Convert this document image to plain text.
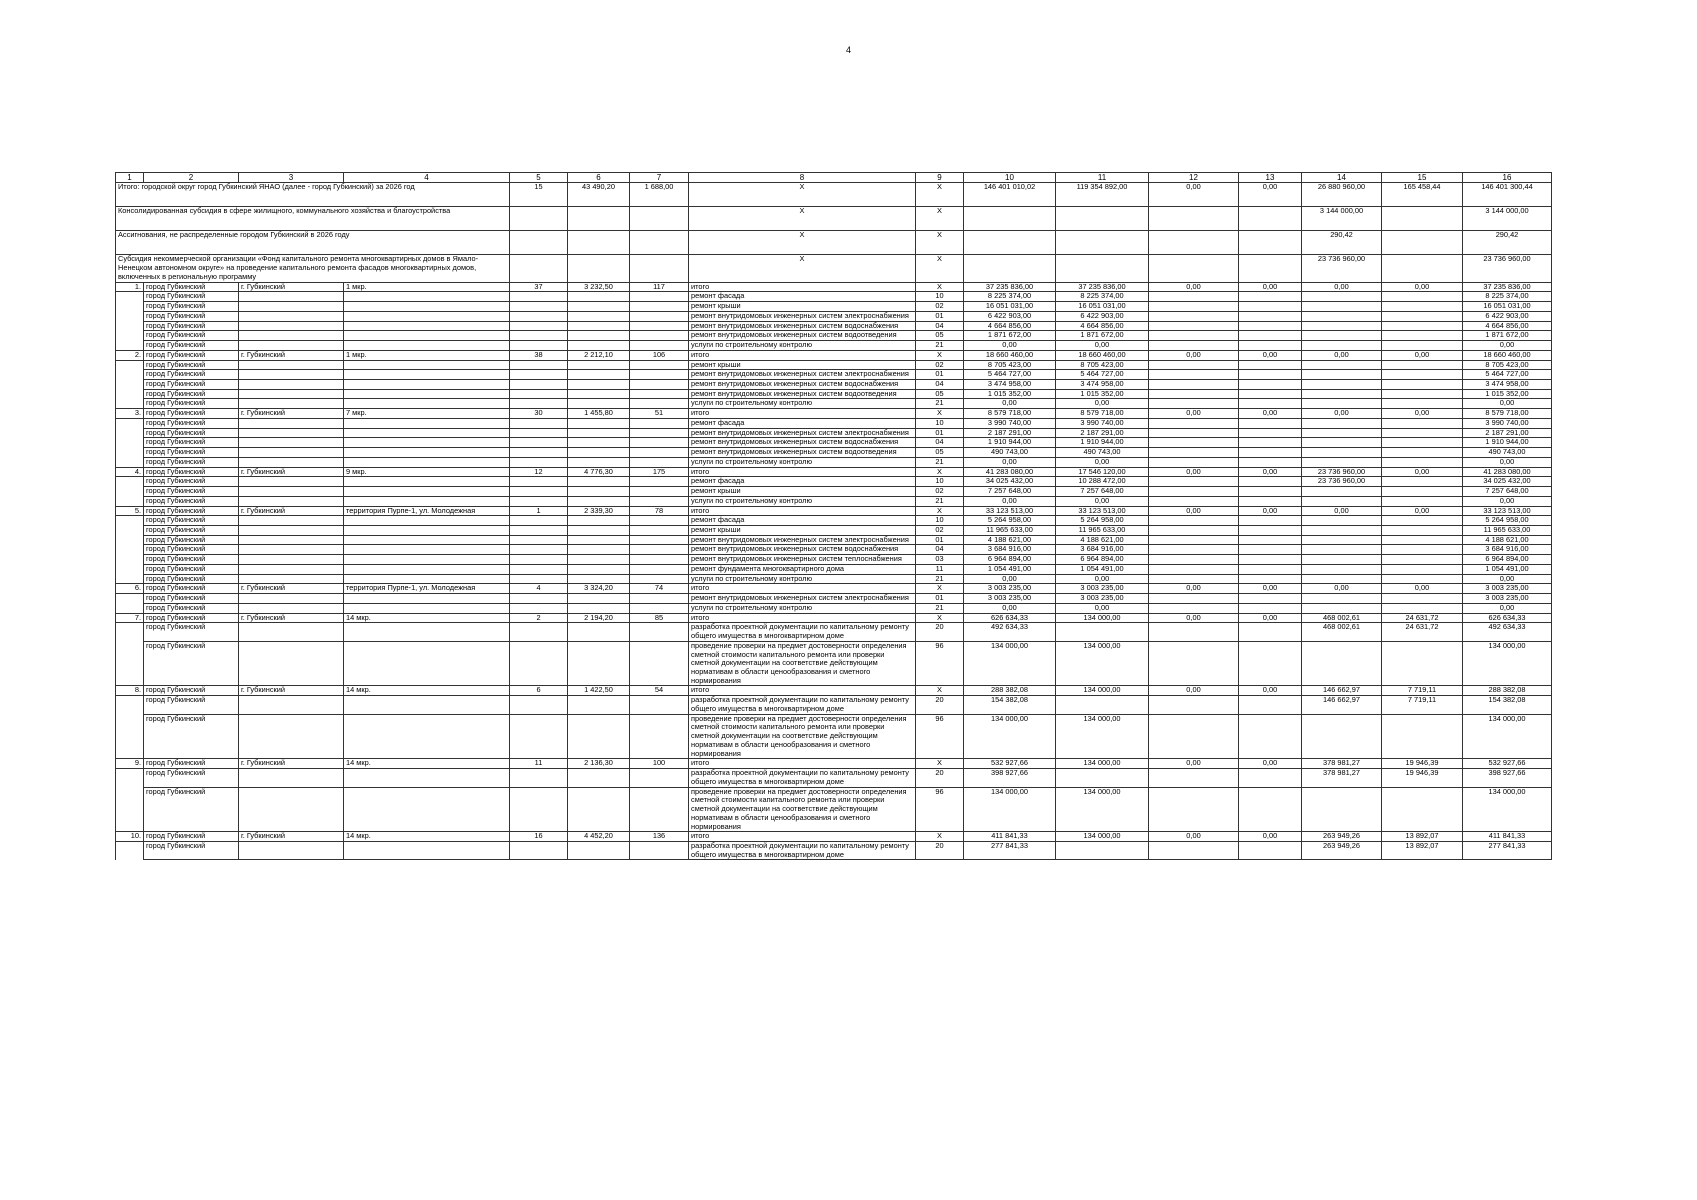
4
1	2	3	4	5	6	7	8	9	10	11	12	13	14	15	16
Итого: городской округ город Губкинский ЯНАО (далее - город Губкинский) за 2026 год				15	43 490,20	1 688,00	X	X	146 401 010,02	119 354 892,00	0,00	0,00	26 880 960,00	165 458,44	146 401 300,44
Консолидированная субсидия в сфере жилищного, коммунального хозяйства и благоустройства							X	X					3 144 000,00		3 144 000,00
Ассигнования, не распределенные городом Губкинский в 2026 году							X	X					290,42		290,42
Субсидия некоммерческой организации «Фонд капитального ремонта многоквартирных домов в Ямало-Ненецком автономном округе» на проведение капитального ремонта фасадов многоквартирных домов, включенных в региональную программу							X	X					23 736 960,00		23 736 960,00
1.	город Губкинский	г. Губкинский	1 мкр.	37	3 232,50	117	итого	X	37 235 836,00	37 235 836,00	0,00	0,00	0,00	0,00	37 235 836,00
	город Губкинский						ремонт фасада	10	8 225 374,00	8 225 374,00					8 225 374,00
	город Губкинский						ремонт крыши	02	16 051 031,00	16 051 031,00					16 051 031,00
	город Губкинский						ремонт внутридомовых инженерных систем электроснабжения	01	6 422 903,00	6 422 903,00					6 422 903,00
	город Губкинский						ремонт внутридомовых инженерных систем водоснабжения	04	4 664 856,00	4 664 856,00					4 664 856,00
	город Губкинский						ремонт внутридомовых инженерных систем водоотведения	05	1 871 672,00	1 871 672,00					1 871 672,00
	город Губкинский						услуги по строительному контролю	21	0,00	0,00					0,00
2.	город Губкинский	г. Губкинский	1 мкр.	38	2 212,10	106	итого	X	18 660 460,00	18 660 460,00	0,00	0,00	0,00	0,00	18 660 460,00
	город Губкинский						ремонт крыши	02	8 705 423,00	8 705 423,00					8 705 423,00
	город Губкинский						ремонт внутридомовых инженерных систем электроснабжения	01	5 464 727,00	5 464 727,00					5 464 727,00
	город Губкинский						ремонт внутридомовых инженерных систем водоснабжения	04	3 474 958,00	3 474 958,00					3 474 958,00
	город Губкинский						ремонт внутридомовых инженерных систем водоотведения	05	1 015 352,00	1 015 352,00					1 015 352,00
	город Губкинский						услуги по строительному контролю	21	0,00	0,00					0,00
3.	город Губкинский	г. Губкинский	7 мкр.	30	1 455,80	51	итого	X	8 579 718,00	8 579 718,00	0,00	0,00	0,00	0,00	8 579 718,00
	город Губкинский						ремонт фасада	10	3 990 740,00	3 990 740,00					3 990 740,00
	город Губкинский						ремонт внутридомовых инженерных систем электроснабжения	01	2 187 291,00	2 187 291,00					2 187 291,00
	город Губкинский						ремонт внутридомовых инженерных систем водоснабжения	04	1 910 944,00	1 910 944,00					1 910 944,00
	город Губкинский						ремонт внутридомовых инженерных систем водоотведения	05	490 743,00	490 743,00					490 743,00
	город Губкинский						услуги по строительному контролю	21	0,00	0,00					0,00
4.	город Губкинский	г. Губкинский	9 мкр.	12	4 776,30	175	итого	X	41 283 080,00	17 546 120,00	0,00	0,00	23 736 960,00	0,00	41 283 080,00
	город Губкинский						ремонт фасада	10	34 025 432,00	10 288 472,00			23 736 960,00		34 025 432,00
	город Губкинский						ремонт крыши	02	7 257 648,00	7 257 648,00					7 257 648,00
	город Губкинский						услуги по строительному контролю	21	0,00	0,00					0,00
5.	город Губкинский	г. Губкинский	территория Пурпе-1, ул. Молодежная	1	2 339,30	78	итого	X	33 123 513,00	33 123 513,00	0,00	0,00	0,00	0,00	33 123 513,00
	город Губкинский						ремонт фасада	10	5 264 958,00	5 264 958,00					5 264 958,00
	город Губкинский						ремонт крыши	02	11 965 633,00	11 965 633,00					11 965 633,00
	город Губкинский						ремонт внутридомовых инженерных систем электроснабжения	01	4 188 621,00	4 188 621,00					4 188 621,00
	город Губкинский						ремонт внутридомовых инженерных систем водоснабжения	04	3 684 916,00	3 684 916,00					3 684 916,00
	город Губкинский						ремонт внутридомовых инженерных систем теплоснабжения	03	6 964 894,00	6 964 894,00					6 964 894,00
	город Губкинский						ремонт фундамента многоквартирного дома	11	1 054 491,00	1 054 491,00					1 054 491,00
	город Губкинский						услуги по строительному контролю	21	0,00	0,00					0,00
6.	город Губкинский	г. Губкинский	территория Пурпе-1, ул. Молодежная	4	3 324,20	74	итого	X	3 003 235,00	3 003 235,00	0,00	0,00	0,00	0,00	3 003 235,00
	город Губкинский						ремонт внутридомовых инженерных систем электроснабжения	01	3 003 235,00	3 003 235,00					3 003 235,00
	город Губкинский						услуги по строительному контролю	21	0,00	0,00					0,00
7.	город Губкинский	г. Губкинский	14 мкр.	2	2 194,20	85	итого	X	626 634,33	134 000,00	0,00	0,00	468 002,61	24 631,72	626 634,33
	город Губкинский						разработка проектной документации по капитальному ремонту общего имущества в многоквартирном доме	20	492 634,33				468 002,61	24 631,72	492 634,33
	город Губкинский						проведение проверки на предмет достоверности определения сметной стоимости капитального ремонта или проверки сметной документации на соответствие действующим нормативам в области ценообразования и сметного нормирования	96	134 000,00	134 000,00					134 000,00
8.	город Губкинский	г. Губкинский	14 мкр.	6	1 422,50	54	итого	X	288 382,08	134 000,00	0,00	0,00	146 662,97	7 719,11	288 382,08
	город Губкинский						разработка проектной документации по капитальному ремонту общего имущества в многоквартирном доме	20	154 382,08				146 662,97	7 719,11	154 382,08
	город Губкинский						проведение проверки на предмет достоверности определения сметной стоимости капитального ремонта или проверки сметной документации на соответствие действующим нормативам в области ценообразования и сметного нормирования	96	134 000,00	134 000,00					134 000,00
9.	город Губкинский	г. Губкинский	14 мкр.	11	2 136,30	100	итого	X	532 927,66	134 000,00	0,00	0,00	378 981,27	19 946,39	532 927,66
	город Губкинский						разработка проектной документации по капитальному ремонту общего имущества в многоквартирном доме	20	398 927,66				378 981,27	19 946,39	398 927,66
	город Губкинский						проведение проверки на предмет достоверности определения сметной стоимости капитального ремонта или проверки сметной документации на соответствие действующим нормативам в области ценообразования и сметного нормирования	96	134 000,00	134 000,00					134 000,00
10.	город Губкинский	г. Губкинский	14 мкр.	16	4 452,20	136	итого	X	411 841,33	134 000,00	0,00	0,00	263 949,26	13 892,07	411 841,33
	город Губкинский						разработка проектной документации по капитальному ремонту общего имущества в многоквартирном доме	20	277 841,33				263 949,26	13 892,07	277 841,33
